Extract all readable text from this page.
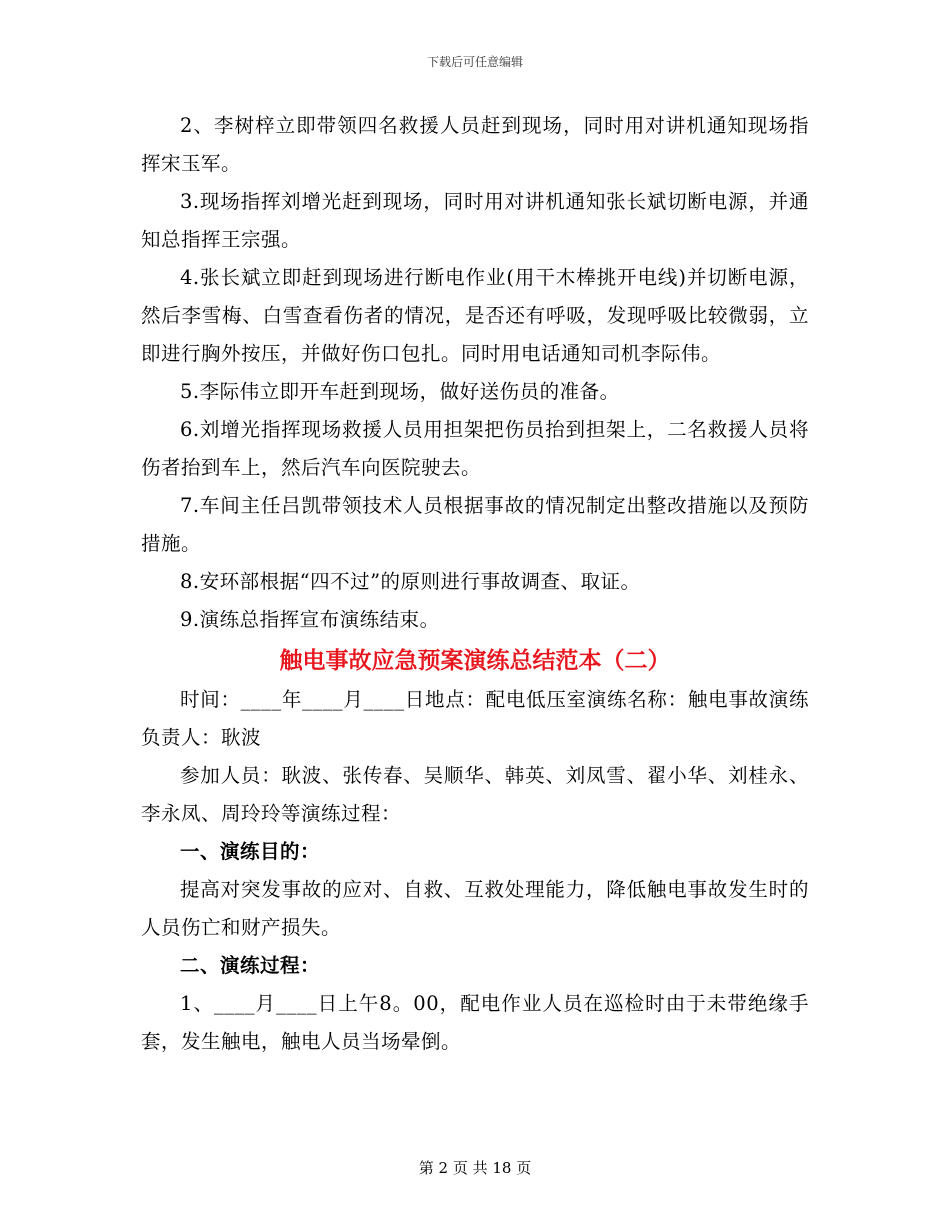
下载后可任意编辑

2、李树梓立即带领四名救援人员赶到现场，同时用对讲机通知现场指挥宋玉军。

3.现场指挥刘增光赶到现场，同时用对讲机通知张长斌切断电源，并通知总指挥王宗强。

4.张长斌立即赶到现场进行断电作业(用干木棒挑开电线)并切断电源，然后李雪梅、白雪查看伤者的情况，是否还有呼吸，发现呼吸比较微弱，立即进行胸外按压，并做好伤口包扎。同时用电话通知司机李际伟。

5.李际伟立即开车赶到现场，做好送伤员的准备。

6.刘增光指挥现场救援人员用担架把伤员抬到担架上，二名救援人员将伤者抬到车上，然后汽车向医院驶去。

7.车间主任吕凯带领技术人员根据事故的情况制定出整改措施以及预防措施。

8.安环部根据“四不过”的原则进行事故调查、取证。

9.演练总指挥宣布演练结束。

触电事故应急预案演练总结范本（二）

时间：____年____月____日地点：配电低压室演练名称：触电事故演练负责人：耿波

参加人员：耿波、张传春、吴顺华、韩英、刘凤雪、翟小华、刘桂永、李永凤、周玲玲等演练过程：

一、演练目的：

提高对突发事故的应对、自救、互救处理能力，降低触电事故发生时的人员伤亡和财产损失。

二、演练过程：

1、____月____日上午8。00，配电作业人员在巡检时由于未带绝缘手套，发生触电，触电人员当场晕倒。

第 2 页 共 18 页
